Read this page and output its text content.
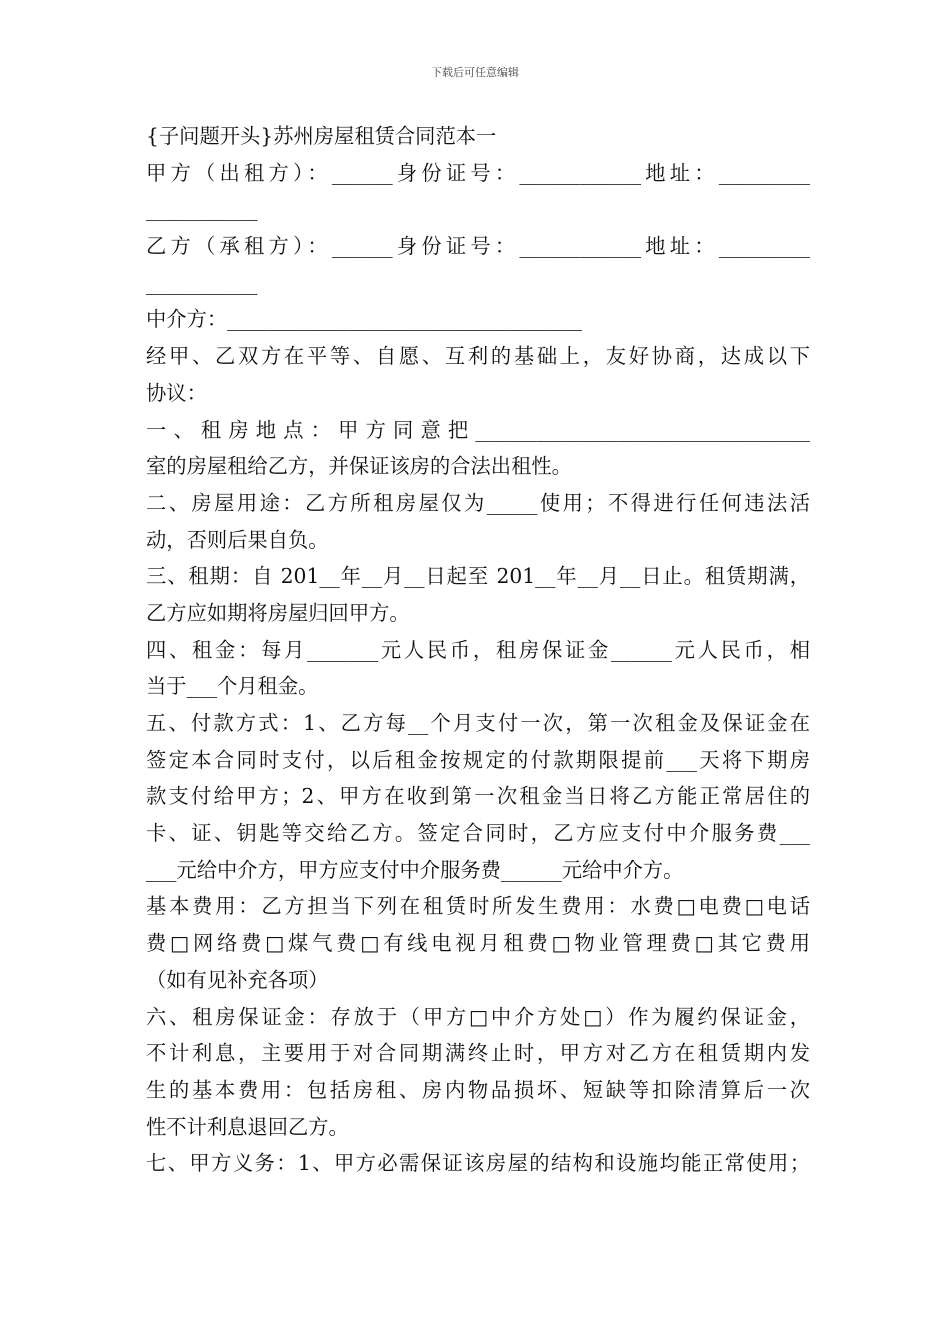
下载后可任意编辑
{子问题开头}苏州房屋租赁合同范本一
甲方（出租方）：______身份证号：____________地址：_________
___________
乙方（承租方）：______身份证号：____________地址：_________
___________
中介方：___________________________________
经甲、乙双方在平等、自愿、互利的基础上，友好协商，达成以下
协议：
一、租房地点：甲方同意把_________________________________
室的房屋租给乙方，并保证该房的合法出租性。
二、房屋用途：乙方所租房屋仅为_____使用；不得进行任何违法活
动，否则后果自负。
三、租期：自 201__年__月__日起至 201__年__月__日止。租赁期满，
乙方应如期将房屋归回甲方。
四、租金：每月_______元人民币，租房保证金______元人民币，相
当于___个月租金。
五、付款方式：1、乙方每__个月支付一次，第一次租金及保证金在
签定本合同时支付，以后租金按规定的付款期限提前___天将下期房
款支付给甲方；2、甲方在收到第一次租金当日将乙方能正常居住的
卡、证、钥匙等交给乙方。签定合同时，乙方应支付中介服务费___
___元给中介方，甲方应支付中介服务费______元给中介方。
基本费用：乙方担当下列在租赁时所发生费用：水费□电费□电话
费□网络费□煤气费□有线电视月租费□物业管理费□其它费用
（如有见补充各项）
六、租房保证金：存放于（甲方□中介方处□）作为履约保证金，
不计利息，主要用于对合同期满终止时，甲方对乙方在租赁期内发
生的基本费用：包括房租、房内物品损坏、短缺等扣除清算后一次
性不计利息退回乙方。
七、甲方义务：1、甲方必需保证该房屋的结构和设施均能正常使用；
